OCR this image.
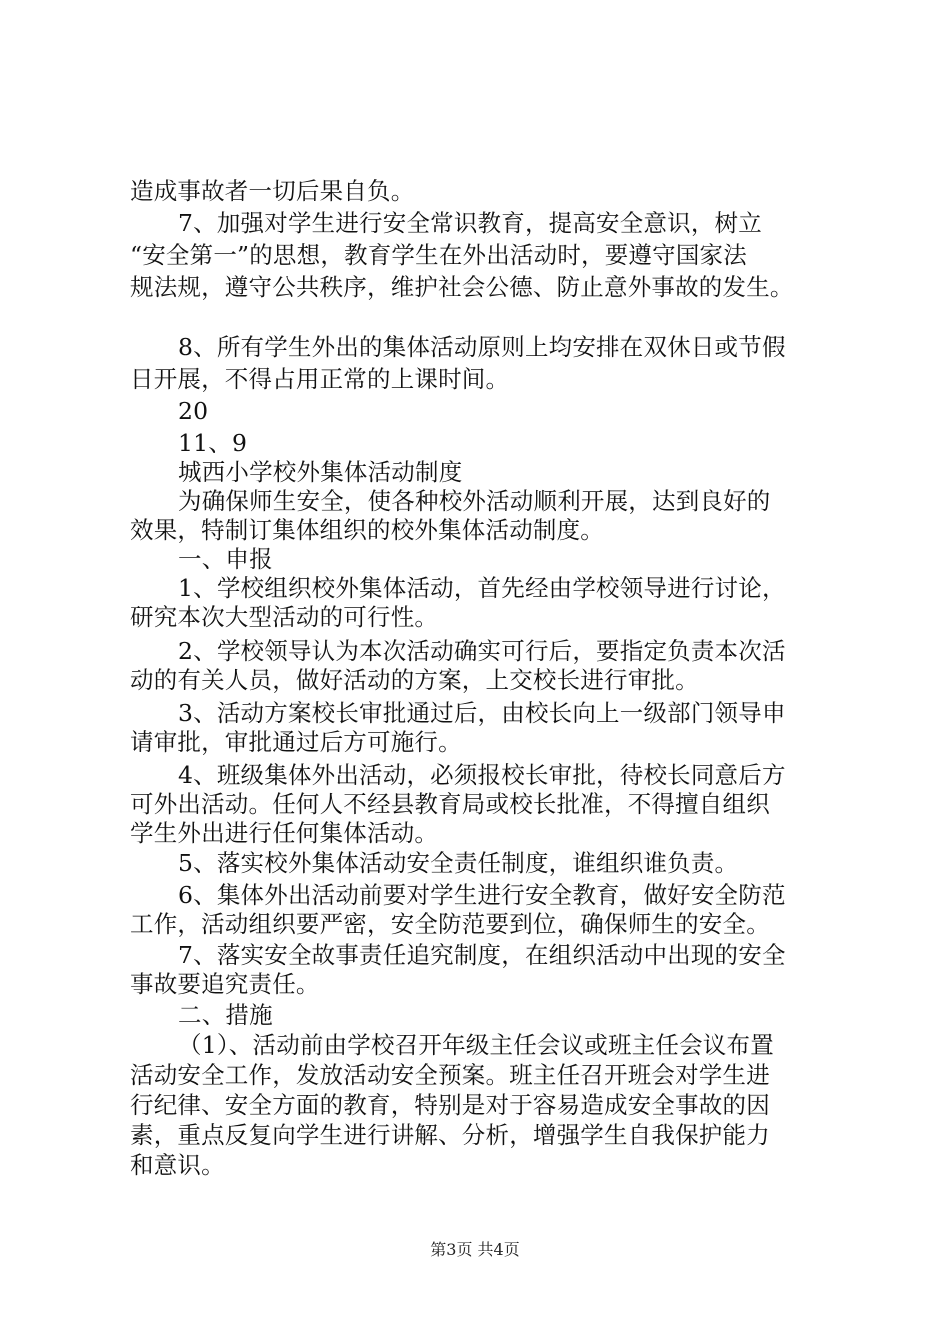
造成事故者一切后果自负。
7、加强对学生进行安全常识教育，提高安全意识，树立
“安全第一”的思想，教育学生在外出活动时，要遵守国家法
规法规，遵守公共秩序，维护社会公德、防止意外事故的发生。
8、所有学生外出的集体活动原则上均安排在双休日或节假
日开展，不得占用正常的上课时间。
20
11、9
城西小学校外集体活动制度
为确保师生安全，使各种校外活动顺利开展，达到良好的
效果，特制订集体组织的校外集体活动制度。
一、申报
1、学校组织校外集体活动，首先经由学校领导进行讨论，
研究本次大型活动的可行性。
2、学校领导认为本次活动确实可行后，要指定负责本次活
动的有关人员，做好活动的方案，上交校长进行审批。
3、活动方案校长审批通过后，由校长向上一级部门领导申
请审批，审批通过后方可施行。
4、班级集体外出活动，必须报校长审批，待校长同意后方
可外出活动。任何人不经县教育局或校长批准，不得擅自组织
学生外出进行任何集体活动。
5、落实校外集体活动安全责任制度，谁组织谁负责。
6、集体外出活动前要对学生进行安全教育，做好安全防范
工作，活动组织要严密，安全防范要到位，确保师生的安全。
7、落实安全故事责任追究制度，在组织活动中出现的安全
事故要追究责任。
二、措施
（1）、活动前由学校召开年级主任会议或班主任会议布置
活动安全工作，发放活动安全预案。班主任召开班会对学生进
行纪律、安全方面的教育，特别是对于容易造成安全事故的因
素，重点反复向学生进行讲解、分析，增强学生自我保护能力
和意识。
第3页 共4页
